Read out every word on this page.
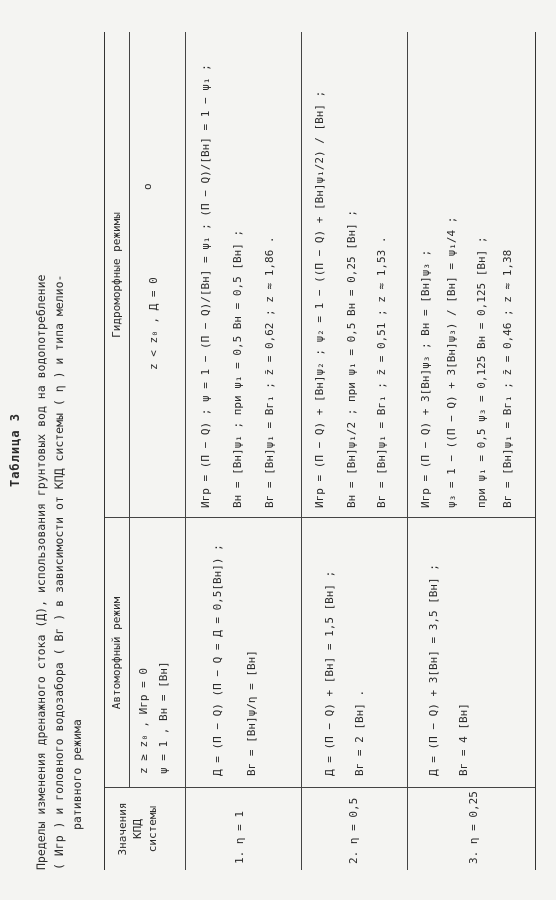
Таблица 3 Пределы изменения дренажного стока (Д), использования грунтовых вод на водопотребление ( Игр ) и головного водозабора ( Вг ) в зависимости от КПД системы ( η ) и типа мелио- ративного режима	Значения КПД системы
Автоморфный режим
z ≥ z₀ , Игр = 0 ψ = 1 , Вн = [Вн]
Гидроморфные режимы z < z₀ , Д = 0
о
1. η = 1
Д = (П − Q) (П − Q = Д = 0,5[Вн]) ; Вг = [Вн]ψ/η = [Вн]
Игр = (П − Q) ; ψ = 1 − (П − Q)/[Вн] = ψ₁ ; (П − Q)/[Вн] = 1 − ψ₁ ; Вн = [Вн]ψ₁ ; при ψ₁ = 0,5 Вн = 0,5 [Вн] ; Вг = [Вн]ψ₁ = Вг₁ ; z̄ = 0,62 ; z ≈ 1,86 .
2. η = 0,5
Д = (П − Q) + [Вн] = 1,5 [Вн] ; Вг = 2 [Вн] .
Игр = (П − Q) + [Вн]ψ₂ ; ψ₂ = 1 − ((П − Q) + [Вн]ψ₁/2) / [Вн] ; Вн = [Вн]ψ₁/2 ; при ψ₁ = 0,5 Вн = 0,25 [Вн] ; Вг = [Вн]ψ₁ = Вг₁ ; z̄ = 0,51 ; z ≈ 1,53 .
3. η = 0,25
Д = (П − Q) + 3[Вн] = 3,5 [Вн] ; Вг = 4 [Вн]
Игр = (П − Q) + 3[Вн]ψ₃ ; Вн = [Вн]ψ₃ ; ψ₃ = 1 − ((П − Q) + 3[Вн]ψ₃) / [Вн] = ψ₁/4 ; при ψ₁ = 0,5 ψ₃ = 0,125 Вн = 0,125 [Вн] ; Вг = [Вн]ψ₁ = Вг₁ ; z̄ = 0,46 ; z ≈ 1,38
